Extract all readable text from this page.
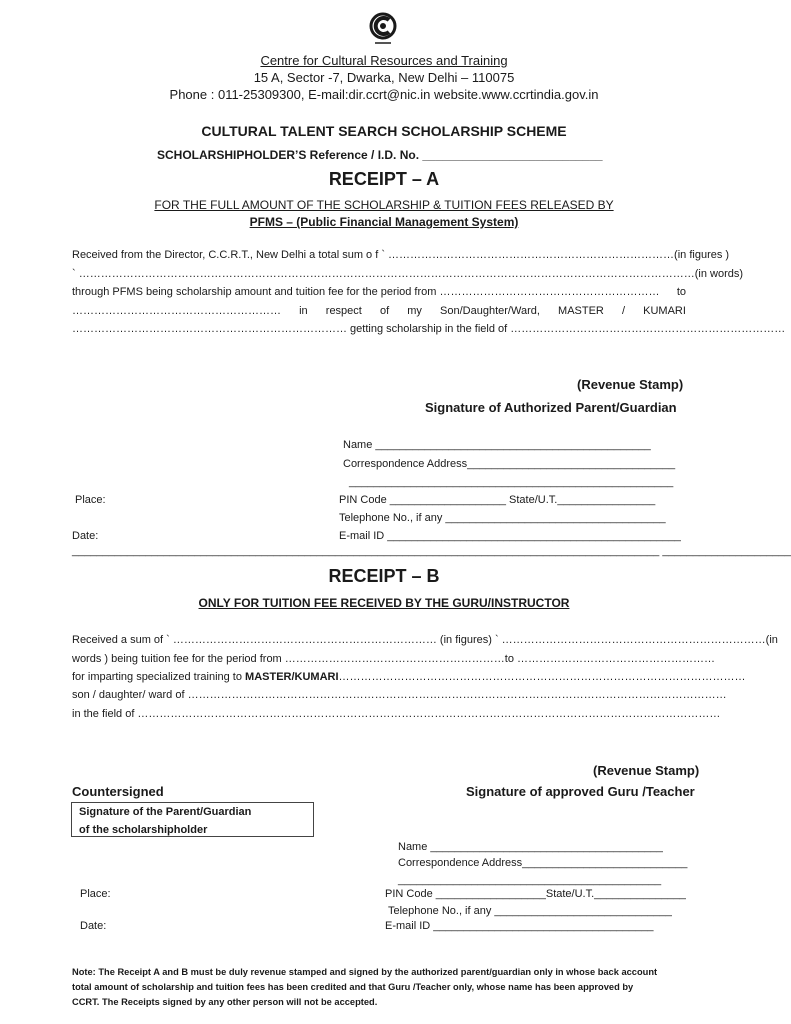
Centre for Cultural Resources and Training
15 A, Sector -7, Dwarka, New Delhi – 110075
Phone : 011-25309300, E-mail:dir.ccrt@nic.in website.www.ccrtindia.gov.in
CULTURAL TALENT SEARCH SCHOLARSHIP SCHEME
SCHOLARSHIPHOLDER’S Reference / I.D. No. ___________________________
RECEIPT – A
FOR THE FULL AMOUNT OF THE SCHOLARSHIP & TUITION FEES RELEASED BY
PFMS – (Public Financial Management System)
Received from the Director, C.C.R.T., New Delhi a total sum o f ` …………………………………………………………………… (in figures )
` …………………………………………………………………………………………………………………………………………………… (in words)
through PFMS being scholarship amount and tuition fee for the period from …………………………………………………… to
………………………………………………… in respect of my Son/Daughter/Ward, MASTER / KUMARI
………………………………………………………………… getting scholarship in the field of …………………………………………………………………
(Revenue Stamp)
Signature of Authorized Parent/Guardian
Name _____________________________________________
Correspondence Address__________________________________
_____________________________________________________
Place:	PIN Code ___________________ State/U.T.________________
Telephone No., if any ____________________________________
Date:	E-mail ID ________________________________________________
________________________________________________________________________________________________ _____________________
RECEIPT – B
ONLY FOR TUITION FEE RECEIVED BY THE GURU/INSTRUCTOR
Received a sum of ` ……………………………………………………………… (in figures) ` ……………………………………………………………… (in
words ) being tuition fee for the period from ……………………………………………………to ………………………………………………
for imparting specialized training to MASTER/KUMARI…………………………………………………………………………………………………
son / daughter/ ward of …………………………………………………………………………………………………………………………………
in the field of ……………………………………………………………………………………………………………………………………………
(Revenue Stamp)
Countersigned	Signature of approved Guru /Teacher
Signature of the Parent/Guardian
of the scholarshipholder
Name ______________________________________
Correspondence Address___________________________
___________________________________________
Place:	PIN Code __________________State/U.T._______________
Telephone No., if any _____________________________
Date:	E-mail ID ____________________________________
Note: The Receipt A and B must be duly revenue stamped and signed by the authorized parent/guardian only in whose back account
total amount of scholarship and tuition fees has been credited and that Guru /Teacher only, whose name has been approved by
CCRT. The Receipts signed by any other person will not be accepted.
